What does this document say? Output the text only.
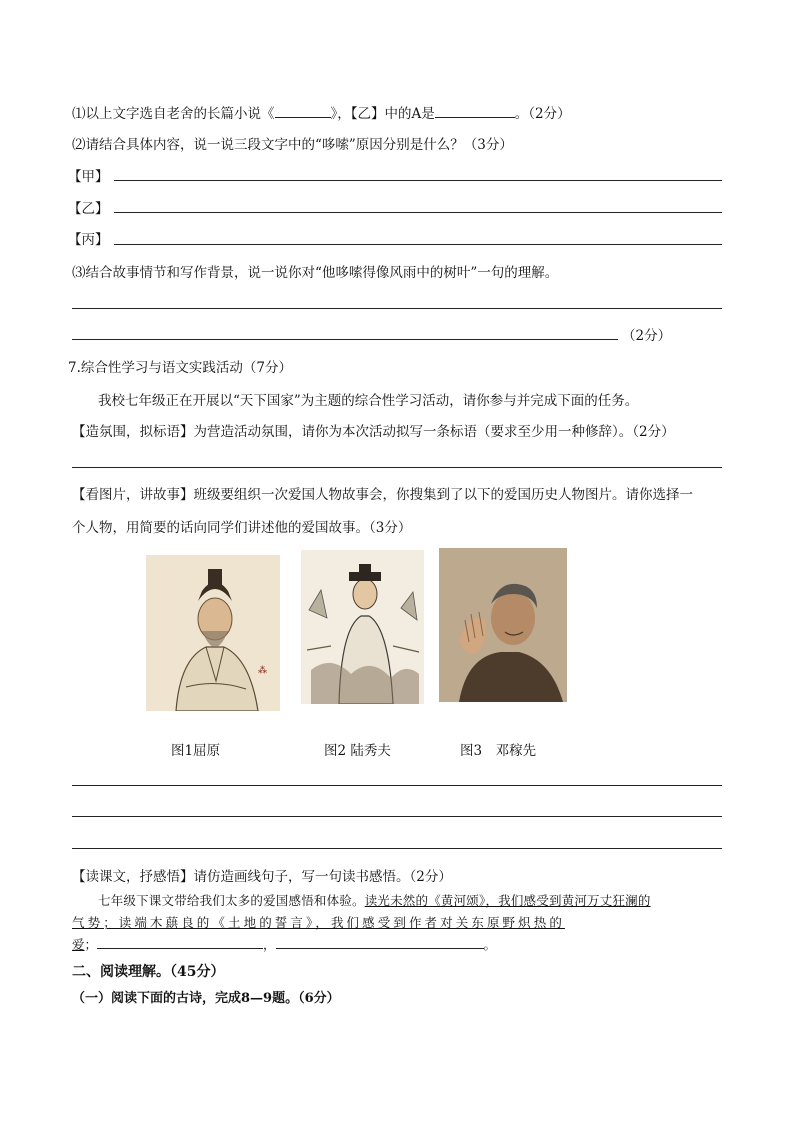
⑴以上文字选自老舍的长篇小说《	》，【乙】中的A是	。（2分）
⑵请结合具体内容，说一说三段文字中的“哆嗦”原因分别是什么？（3分）
【甲】
【乙】
【丙】
⑶结合故事情节和写作背景，说一说你对“他哆嗦得像风雨中的树叶”一句的理解。
（2分）
7.综合性学习与语文实践活动（7分）
我校七年级正在开展以“天下国家”为主题的综合性学习活动，请你参与并完成下面的任务。
【造氛围，拟标语】为营造活动氛围，请你为本次活动拟写一条标语（要求至少用一种修辞）。（2分）
【看图片，讲故事】班级要组织一次爱国人物故事会，你搜集到了以下的爱国历史人物图片。请你选择一
个人物，用简要的话向同学们讲述他的爱国故事。（3分）
⁂
图1屈原	图2 陆秀夫	图3　邓稼先
【读课文，抒感悟】请仿造画线句子，写一句读书感悟。（2分）
七年级下课文带给我们太多的爱国感悟和体验。读光未然的《黄河颂》，我们感受到黄河万丈狂澜的
气势；读端木蕻良的《土地的誓言》，我们感受到作者对关东原野炽热的
爱；	，	。
二、阅读理解。（45分）
（一）阅读下面的古诗，完成8—9题。（6分）
